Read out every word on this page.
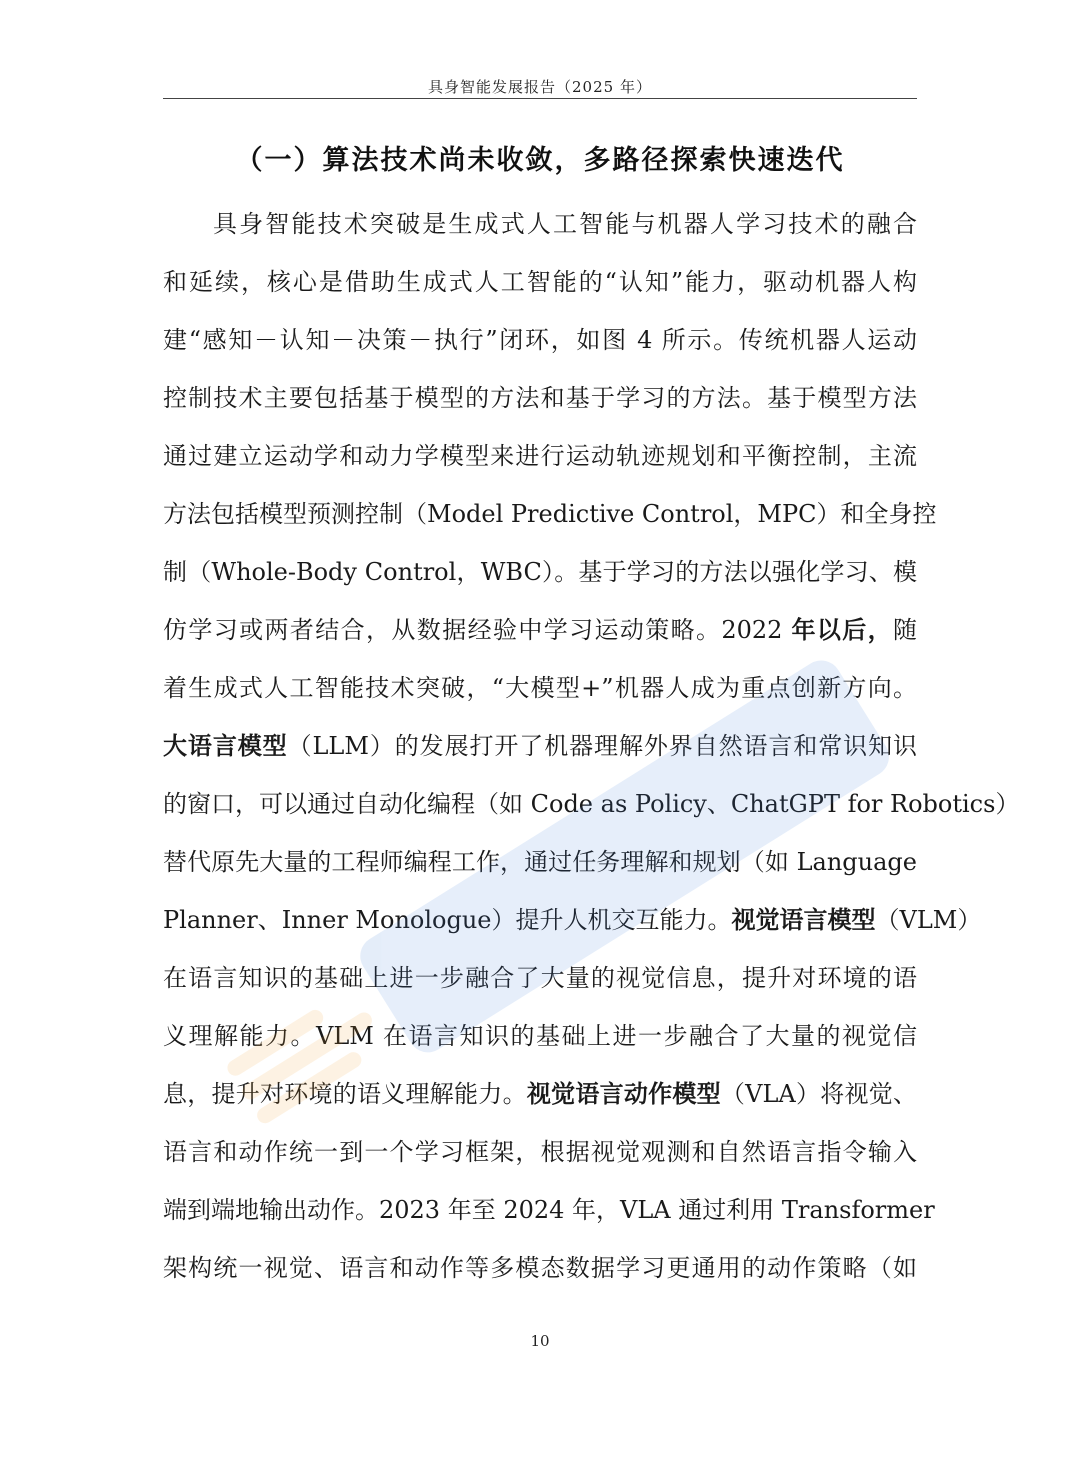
具身智能发展报告（2025 年）
（一）算法技术尚未收敛，多路径探索快速迭代
具身智能技术突破是生成式人工智能与机器人学习技术的融合
和延续，核心是借助生成式人工智能的“认知”能力，驱动机器人构
建“感知－认知－决策－执行”闭环，如图 4 所示。传统机器人运动
控制技术主要包括基于模型的方法和基于学习的方法。基于模型方法
通过建立运动学和动力学模型来进行运动轨迹规划和平衡控制，主流
方法包括模型预测控制（Model Predictive Control，MPC）和全身控
制（Whole-Body Control，WBC）。基于学习的方法以强化学习、模
仿学习或两者结合，从数据经验中学习运动策略。2022 年以后，随
着生成式人工智能技术突破，“大模型+”机器人成为重点创新方向。
大语言模型（LLM）的发展打开了机器理解外界自然语言和常识知识
的窗口，可以通过自动化编程（如 Code as Policy、ChatGPT for Robotics）
替代原先大量的工程师编程工作，通过任务理解和规划（如 Language
Planner、Inner Monologue）提升人机交互能力。视觉语言模型（VLM）
在语言知识的基础上进一步融合了大量的视觉信息，提升对环境的语
义理解能力。VLM 在语言知识的基础上进一步融合了大量的视觉信
息，提升对环境的语义理解能力。视觉语言动作模型（VLA）将视觉、
语言和动作统一到一个学习框架，根据视觉观测和自然语言指令输入
端到端地输出动作。2023 年至 2024 年，VLA 通过利用 Transformer
架构统一视觉、语言和动作等多模态数据学习更通用的动作策略（如
10
